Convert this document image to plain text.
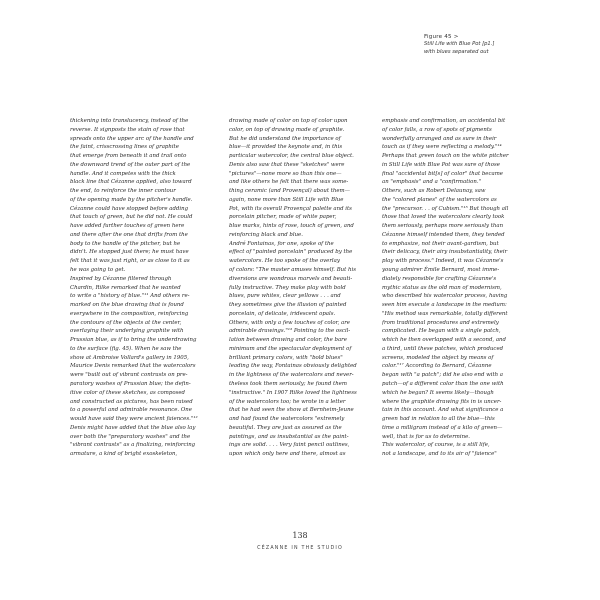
Figure 45 >
Still Life with Blue Pot [p1.]
with blues separated out
thickening into translucency, instead of the
reverse. It signposts the stain of rose that
spreads onto the upper arc of the handle and
the faint, crisscrossing lines of graphite
that emerge from beneath it and trail onto
the downward trend of the outer part of the
handle. And it competes with the thick
black line that Cézanne applied, also toward
the end, to reinforce the inner contour
of the opening made by the pitcher's handle.
Cézanne could have stopped before adding
that touch of green, but he did not. He could
have added further touches of green here
and there after the one that drifts from the
body to the handle of the pitcher, but he
didn't. He stopped just there; he must have
felt that it was just right, or as close to it as
he was going to get.
Inspired by Cézanne filtered through
Chardin, Rilke remarked that he wanted
to write a "history of blue."¹¹ And others re-
marked on the blue drawing that is found
everywhere in the composition, reinforcing
the contours of the objects at the center,
overlaying their underlying graphite with
Prussian blue, as if to bring the underdrawing
to the surface (fig. 45). When he saw the
show at Ambroise Vollard's gallery in 1905,
Maurice Denis remarked that the watercolors
were "built out of vibrant contrasts on pre-
paratory washes of Prussian blue; the defin-
itive color of these sketches, as composed
and constructed as pictures, has been raised
to a powerful and admirable resonance. One
would have said they were ancient faiences."¹²
Denis might have added that the blue also lay
over both the "preparatory washes" and the
"vibrant contrasts" as a finalizing, reinforcing
armature, a kind of bright exoskeleton,
drawing made of color on top of color upon
color, on top of drawing made of graphite.
But he did understand the importance of
blue—it provided the keynote and, in this
particular watercolor, the central blue object.
Denis also saw that these "sketches" were
"pictures"—none more so than this one—
and like others he felt that there was some-
thing ceramic (and Provençal) about them—
again, none more than Still Life with Blue
Pot, with its overall Provençal palette and its
porcelain pitcher, made of white paper,
blue marks, hints of rose, touch of green, and
reinforcing black and blue.
André Fontainas, for one, spoke of the
effect of "painted porcelain" produced by the
watercolors. He too spoke of the overlay
of colors: "The master amuses himself. But his
diversions are wondrous marvels and beauti-
fully instructive. They make play with bold
blues, pure whites, clear yellows . . . and
they sometimes give the illusion of painted
porcelain, of delicate, iridescent opals.
Others, with only a few touches of color, are
admirable drawings."¹³ Pointing to the oscil-
lation between drawing and color, the bare
minimum and the spectacular deployment of
brilliant primary colors, with "bold blues"
leading the way, Fontainas obviously delighted
in the lightness of the watercolors and never-
theless took them seriously; he found them
"instructive." In 1907 Rilke loved the lightness
of the watercolors too; he wrote in a letter
that he had seen the show at Bernheim-Jeune
and had found the watercolors "extremely
beautiful. They are just as assured as the
paintings, and as insubstantial as the paint-
ings are solid. . . . Very faint pencil outlines,
upon which only here and there, almost as
emphasis and confirmation, an accidental bit
of color falls, a row of spots of pigments
wonderfully arranged and as sure in their
touch as if they were reflecting a melody."¹⁴
Perhaps that green touch on the white pitcher
in Still Life with Blue Pot was sure of those
final "accidental bit[s] of color" that became
an "emphasis" and a "confirmation."
Others, such as Robert Delaunay, saw
the "colored planes" of the watercolors as
the "precursor. . . of Cubism."¹⁵ But though all
those that loved the watercolors clearly took
them seriously, perhaps more seriously than
Cézanne himself intended them, they tended
to emphasize, not their avant-gardism, but
their delicacy, their airy insubstantiality, their
play with process.⁶ Indeed, it was Cézanne's
young admirer Émile Bernard, most imme-
diately responsible for crafting Cézanne's
mythic status as the old man of modernism,
who described his watercolor process, having
seen him execute a landscape in the medium:
"His method was remarkable, totally different
from traditional procedures and extremely
complicated. He began with a single patch,
which he then overlapped with a second, and
a third, until these patches, which produced
screens, modeled the object by means of
color."¹⁷ According to Bernard, Cézanne
began with "a patch"; did he also end with a
patch—of a different color than the one with
which he began? It seems likely—though
where the graphite drawing fits in is uncer-
tain in this account. And what significance a
green had in relation to all the blue—this
time a milligram instead of a kilo of green—
well, that is for us to determine.
This watercolor, of course, is a still life,
not a landscape, and to its air of "faience"
138
CÉZANNE IN THE STUDIO
